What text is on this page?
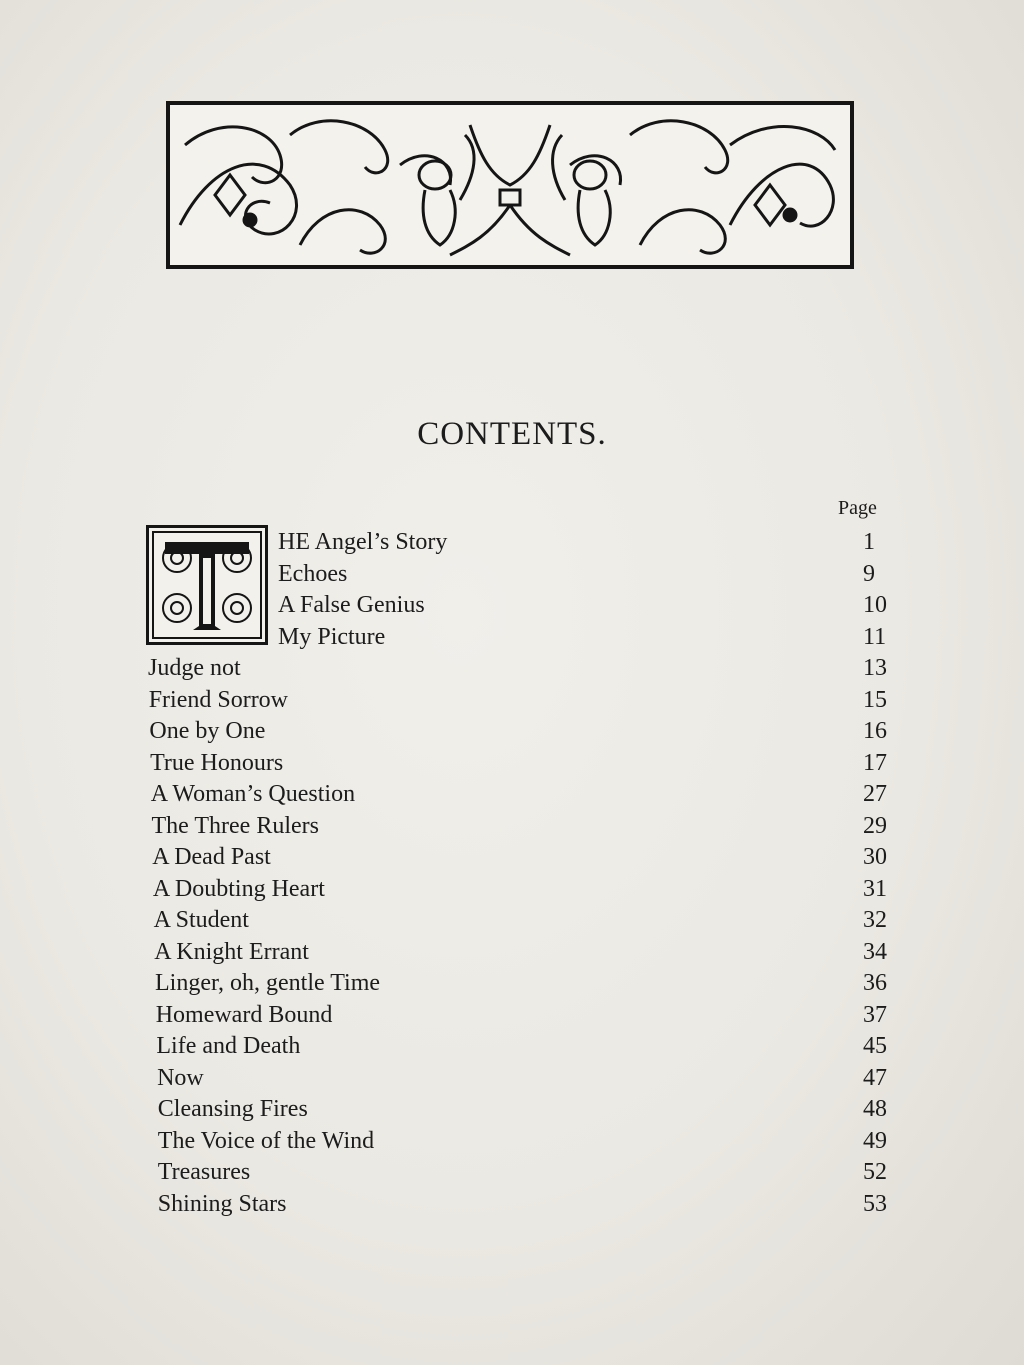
CONTENTS.
Page
HE Angel’s Story	1
Echoes	9
A False Genius	10
My Picture	11
Judge not	13
Friend Sorrow	15
One by One	16
True Honours	17
A Woman’s Question	27
The Three Rulers	29
A Dead Past	30
A Doubting Heart	31
A Student	32
A Knight Errant	34
Linger, oh, gentle Time	36
Homeward Bound	37
Life and Death	45
Now	47
Cleansing Fires	48
The Voice of the Wind	49
Treasures	52
Shining Stars	53
